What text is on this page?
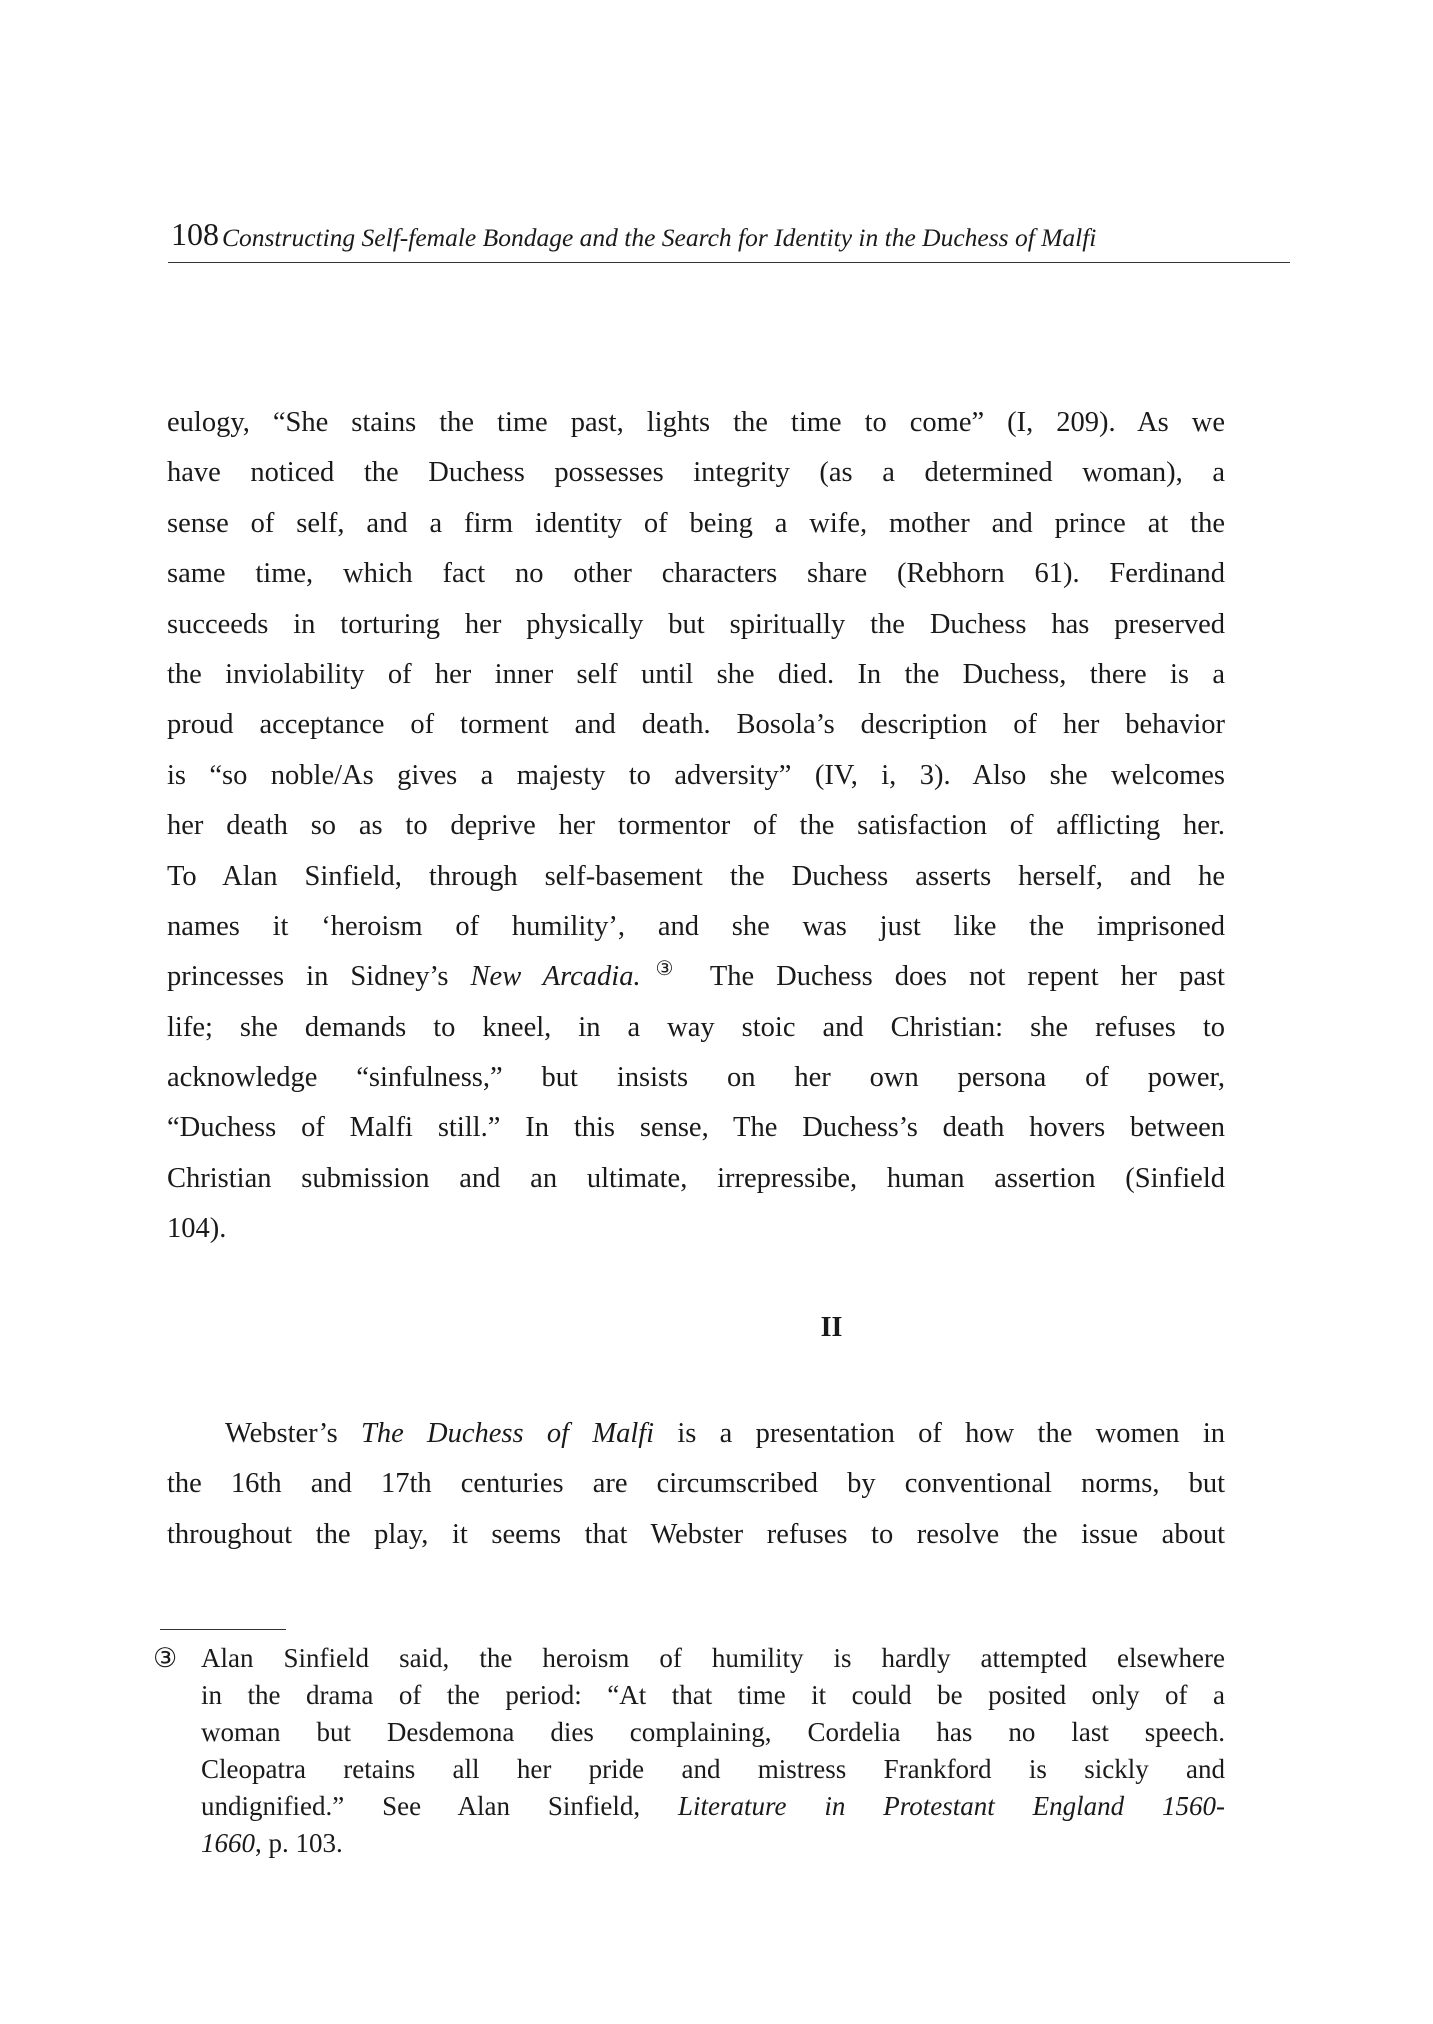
108 Constructing Self-female Bondage and the Search for Identity in the Duchess of Malfi
eulogy, “She stains the time past, lights the time to come” (I, 209). As we
have noticed the Duchess possesses integrity (as a determined woman), a
sense of self, and a firm identity of being a wife, mother and prince at the
same time, which fact no other characters share (Rebhorn 61). Ferdinand
succeeds in torturing her physically but spiritually the Duchess has preserved
the inviolability of her inner self until she died. In the Duchess, there is a
proud acceptance of torment and death. Bosola’s description of her behavior
is “so noble/As gives a majesty to adversity” (IV, i, 3). Also she welcomes
her death so as to deprive her tormentor of the satisfaction of afflicting her.
To Alan Sinfield, through self-basement the Duchess asserts herself, and he
names it ‘heroism of humility’, and she was just like the imprisoned
princesses in Sidney’s New Arcadia.③ The Duchess does not repent her past
life; she demands to kneel, in a way stoic and Christian: she refuses to
acknowledge “sinfulness,” but insists on her own persona of power,
“Duchess of Malfi still.” In this sense, The Duchess’s death hovers between
Christian submission and an ultimate, irrepressibe, human assertion (Sinfield
104).
II
Webster’s The Duchess of Malfi is a presentation of how the women in
the 16th and 17th centuries are circumscribed by conventional norms, but
throughout the play, it seems that Webster refuses to resolve the issue about
③ Alan Sinfield said, the heroism of humility is hardly attempted elsewhere
in the drama of the period: “At that time it could be posited only of a
woman but Desdemona dies complaining, Cordelia has no last speech.
Cleopatra retains all her pride and mistress Frankford is sickly and
undignified.” See Alan Sinfield, Literature in Protestant England 1560-
1660, p. 103.
